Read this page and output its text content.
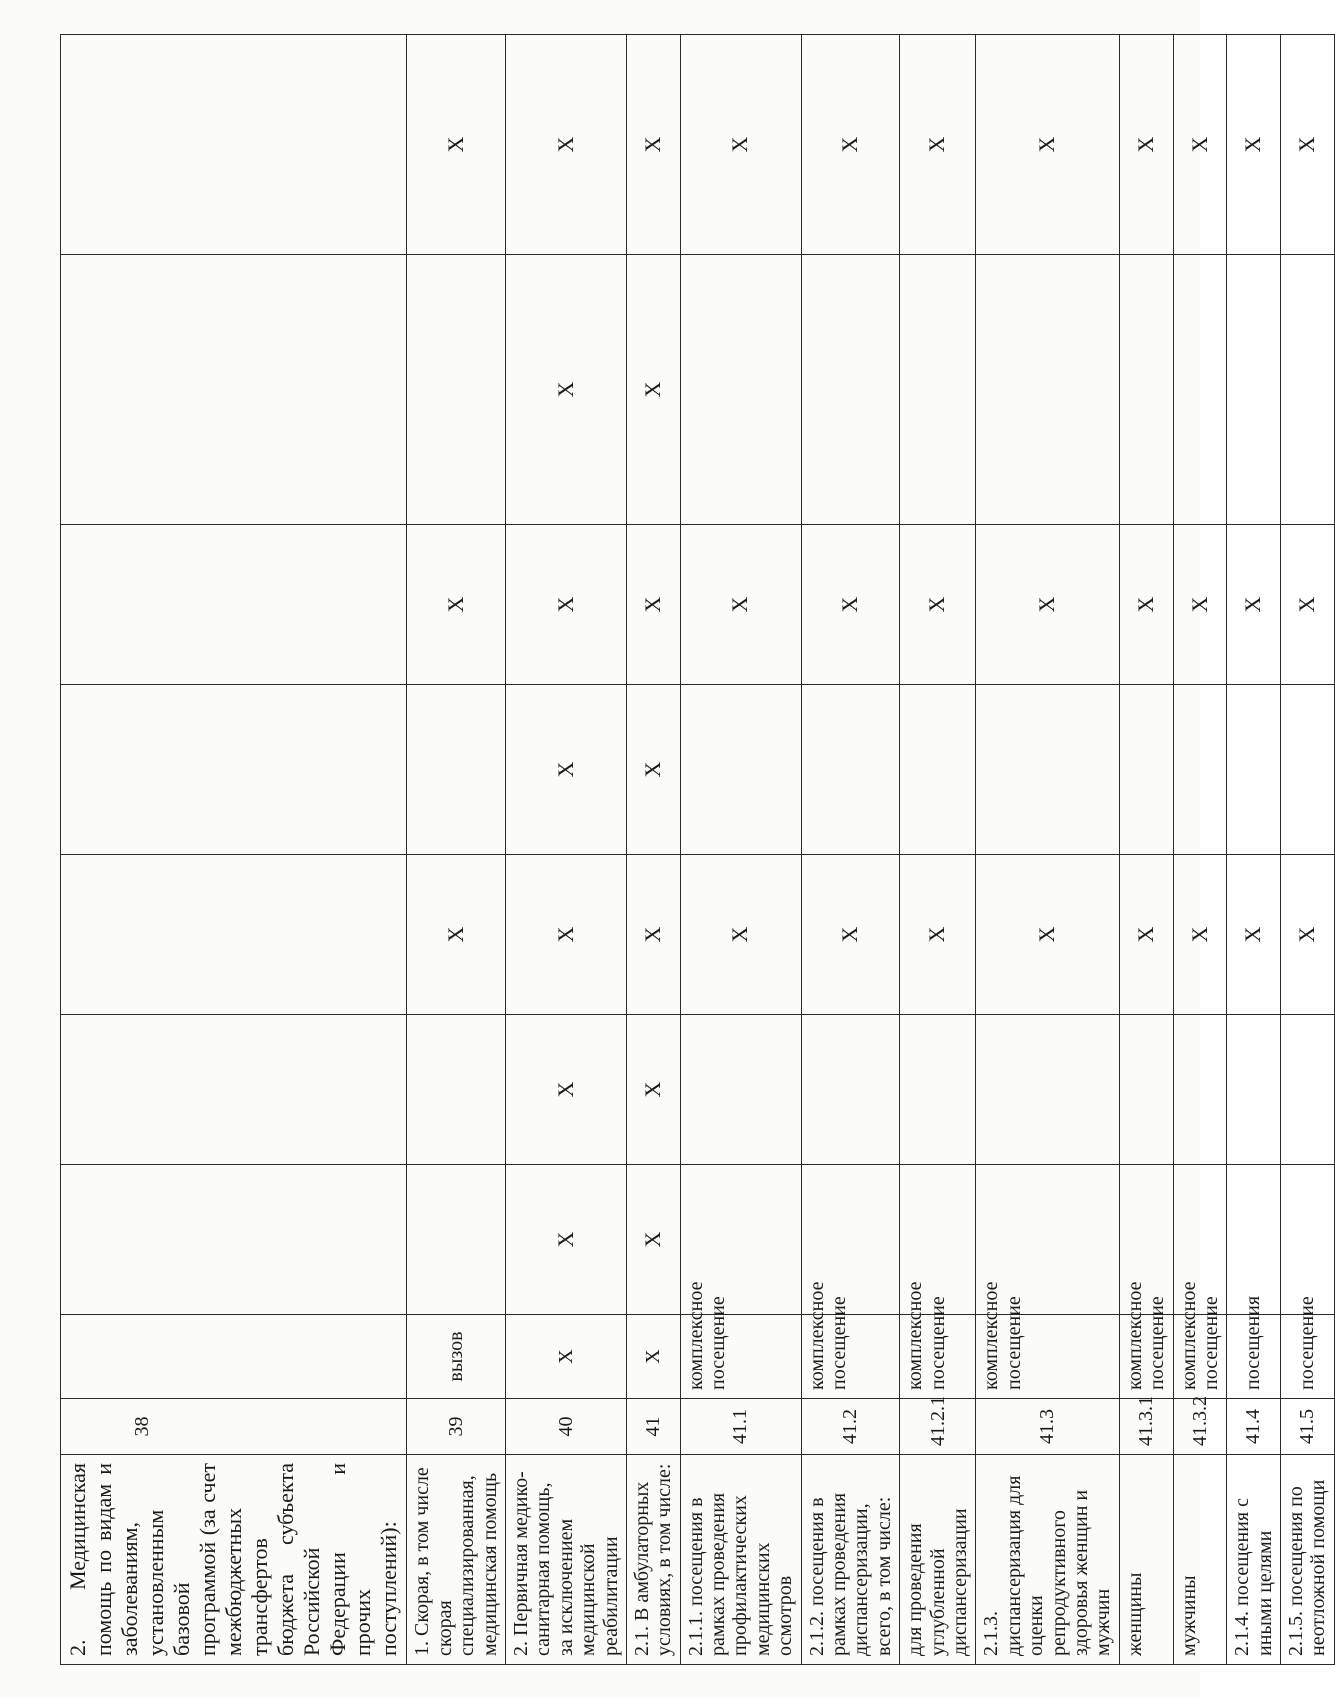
2. Медицинская помощь по видам и заболеваниям, установленным базовой программой (за счет межбюджетных трансфертов бюджета субъекта Российской Федерации и прочих поступлений):	38								
1. Скорая, в том числе скорая специализированная, медицинская помощь	39	вызов			X		X		X
2. Первичная медико-санитарная помощь, за исключением медицинской реабилитации	40	X	X	X	X	X	X	X	X
2.1. В амбулаторных условиях, в том числе:	41	X	X	X	X	X	X	X	X
2.1.1. посещения в рамках проведения профилактических медицинских осмотров	41.1	комплексное посещение			X		X		X
2.1.2. посещения в рамках проведения диспансеризации, всего, в том числе:	41.2	комплексное посещение			X		X		X
для проведения углубленной диспансеризации	41.2.1	комплексное посещение			X		X		X
2.1.3. диспансеризация для оценки репродуктивного здоровья женщин и мужчин	41.3	комплексное посещение			X		X		X
женщины	41.3.1	комплексное посещение			X		X		X
мужчины	41.3.2	комплексное посещение			X		X		X
2.1.4. посещения с иными целями	41.4	посещения			X		X		X
2.1.5. посещения по неотложной помощи	41.5	посещение			X		X		X
